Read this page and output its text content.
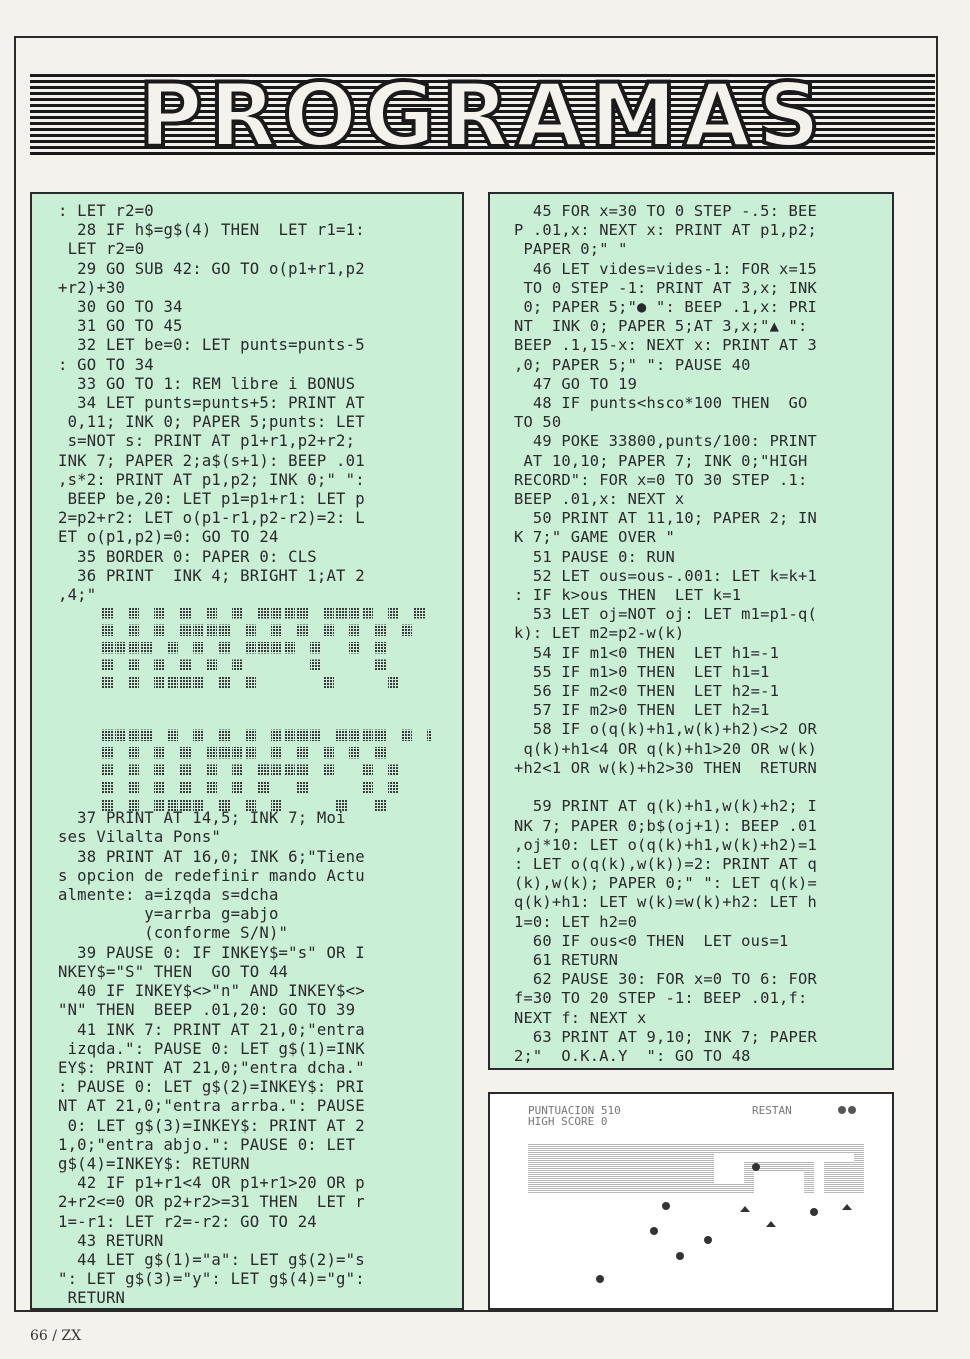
PROGRAMAS
: LET r2=0
28 IF h$=g$(4) THEN  LET r1=1:
LET r2=0
29 GO SUB 42: GO TO o(p1+r1,p2
+r2)+30
30 GO TO 34
31 GO TO 45
32 LET be=0: LET punts=punts-5
: GO TO 34
33 GO TO 1: REM libre i BONUS
34 LET punts=punts+5: PRINT AT
0,11; INK 0; PAPER 5;punts: LET
s=NOT s: PRINT AT p1+r1,p2+r2;
INK 7; PAPER 2;a$(s+1): BEEP .01
,s*2: PRINT AT p1,p2; INK 0;" ":
BEEP be,20: LET p1=p1+r1: LET p
2=p2+r2: LET o(p1-r1,p2-r2)=2: L
ET o(p1,p2)=0: GO TO 24
35 BORDER 0: PAPER 0: CLS
36 PRINT  INK 4; BRIGHT 1;AT 2
,4;"
37 PRINT AT 14,5; INK 7; Moi
ses Vilalta Pons"
38 PRINT AT 16,0; INK 6;"Tiene
s opcion de redefinir mando Actu
almente: a=izqda s=dcha
y=arrba g=abjo
(conforme S/N)"
39 PAUSE 0: IF INKEY$="s" OR I
NKEY$="S" THEN  GO TO 44
40 IF INKEY$<>"n" AND INKEY$<>
"N" THEN  BEEP .01,20: GO TO 39
41 INK 7: PRINT AT 21,0;"entra
izqda.": PAUSE 0: LET g$(1)=INK
EY$: PRINT AT 21,0;"entra dcha."
: PAUSE 0: LET g$(2)=INKEY$: PRI
NT AT 21,0;"entra arrba.": PAUSE
0: LET g$(3)=INKEY$: PRINT AT 2
1,0;"entra abjo.": PAUSE 0: LET
g$(4)=INKEY$: RETURN
42 IF p1+r1<4 OR p1+r1>20 OR p
2+r2<=0 OR p2+r2>=31 THEN  LET r
1=-r1: LET r2=-r2: GO TO 24
43 RETURN
44 LET g$(1)="a": LET g$(2)="s
": LET g$(3)="y": LET g$(4)="g":
RETURN
45 FOR x=30 TO 0 STEP -.5: BEE
P .01,x: NEXT x: PRINT AT p1,p2;
PAPER 0;" "
46 LET vides=vides-1: FOR x=15
TO 0 STEP -1: PRINT AT 3,x; INK
0; PAPER 5;"● ": BEEP .1,x: PRI
NT  INK 0; PAPER 5;AT 3,x;"▲ ":
BEEP .1,15-x: NEXT x: PRINT AT 3
,0; PAPER 5;" ": PAUSE 40
47 GO TO 19
48 IF punts<hsco*100 THEN  GO
TO 50
49 POKE 33800,punts/100: PRINT
AT 10,10; PAPER 7; INK 0;"HIGH
RECORD": FOR x=0 TO 30 STEP .1:
BEEP .01,x: NEXT x
50 PRINT AT 11,10; PAPER 2; IN
K 7;" GAME OVER "
51 PAUSE 0: RUN
52 LET ous=ous-.001: LET k=k+1
: IF k>ous THEN  LET k=1
53 LET oj=NOT oj: LET m1=p1-q(
k): LET m2=p2-w(k)
54 IF m1<0 THEN  LET h1=-1
55 IF m1>0 THEN  LET h1=1
56 IF m2<0 THEN  LET h2=-1
57 IF m2>0 THEN  LET h2=1
58 IF o(q(k)+h1,w(k)+h2)<>2 OR
q(k)+h1<4 OR q(k)+h1>20 OR w(k)
+h2<1 OR w(k)+h2>30 THEN  RETURN

59 PRINT AT q(k)+h1,w(k)+h2; I
NK 7; PAPER 0;b$(oj+1): BEEP .01
,oj*10: LET o(q(k)+h1,w(k)+h2)=1
: LET o(q(k),w(k))=2: PRINT AT q
(k),w(k); PAPER 0;" ": LET q(k)=
q(k)+h1: LET w(k)=w(k)+h2: LET h
1=0: LET h2=0
60 IF ous<0 THEN  LET ous=1
61 RETURN
62 PAUSE 30: FOR x=0 TO 6: FOR
f=30 TO 20 STEP -1: BEEP .01,f:
NEXT f: NEXT x
63 PRINT AT 9,10; INK 7; PAPER
2;"  O.K.A.Y  ": GO TO 48
PUNTUACION 510
HIGH SCORE 0
RESTAN
66 / ZX
